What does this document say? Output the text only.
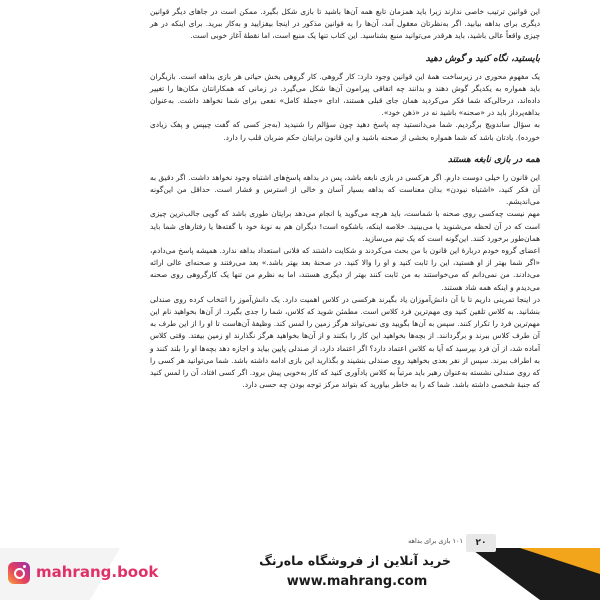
این قوانین ترتیب خاصی ندارند زیرا باید همزمان تابع همه آن‌ها باشید تا بازی شکل بگیرد. ممکن است در جاهای دیگر قوانین دیگری برای بداهه بیابید. اگر به‌نظرتان معقول آمد، آن‌ها را به قوانین مذکور در اینجا بیفزایید و به‌کار ببرید. برای اینکه در هر چیزی واقعاً عالی باشید، باید هرقدر می‌توانید منبع بشناسید. این کتاب تنها یک منبع است، اما نقطهٔ آغاز خوبی است.

بایستید، نگاه کنید و گوش دهید

یک مفهوم محوری در زیرساخت همهٔ این قوانین وجود دارد: کار گروهی. کار گروهی بخش حیاتی هر بازی بداهه است. بازیگران باید همواره به یکدیگر گوش دهند و بدانند چه اتفاقی پیرامون آن‌ها شکل می‌گیرد. در زمانی که همکارانتان مکان‌ها را تغییر داده‌اند، درحالی‌که شما فکر می‌کردید همان جای قبلی هستند، ادای «جملهٔ کامل» نفعی برای شما نخواهد داشت. به‌عنوان بداهه‌پرداز باید در «صحنه» باشید نه در «ذهن خود».

به سؤال ساندویچ برگردیم. شما می‌دانستید چه پاسخ دهید چون سؤالم را شنیدید (به‌جز کسی که گفت چیپس و پفک زیادی خورده). یادتان باشد که شما همواره بخشی از صحنه باشید و این قانون برایتان حکم ضربان قلب را دارد.

همه در بازی نابغه هستند

این قانون را خیلی دوست دارم. اگر هرکسی در بازی نابغه باشد، پس در بداهه پاسخ‌های اشتباه وجود نخواهد داشت. اگر دقیق به آن فکر کنید، «اشتباه نبودن» بدان معناست که بداهه بسیار آسان و خالی از استرس و فشار است. حداقل من این‌گونه می‌اندیشم.

مهم نیست چه‌کسی روی صحنه با شماست، باید هرچه می‌گوید یا انجام می‌دهد برایتان طوری باشد که گویی جالب‌ترین چیزی است که در آن لحظه می‌شنوید یا می‌بینید. خلاصه اینکه، باشکوه است! دیگران هم به نوبهٔ خود با گفته‌ها یا رفتارهای شما باید همان‌طور برخورد کنند. این‌گونه است که یک تیم می‌سازید.

اعضای گروه خودم دربارهٔ این قانون با من بحث می‌کردند و شکایت داشتند که فلانی استعداد بداهه ندارد. همیشه پاسخ می‌دادم، «اگر شما بهتر از او هستید، این را ثابت کنید و او را والا کنید. در صحنهٔ بعد بهتر باشد.» بعد می‌رفتند و صحنه‌ای عالی ارائه می‌دادند. من نمی‌دانم که می‌خواستند به من ثابت کنند بهتر از دیگری هستند، اما به نظرم من تنها یک کارگروهی روی صحنه می‌دیدم و اینکه همه شاد هستند.

در اینجا تمرینی داریم تا با آن دانش‌آموزان یاد بگیرند هرکسی در کلاس اهمیت دارد. یک دانش‌آموز را انتخاب کرده روی صندلی بنشانید. به کلاس تلقین کنید وی مهم‌ترین فرد کلاس است. مطمئن شوید که کلاس، شما را جدی بگیرد. از آن‌ها بخواهید نام این مهم‌ترین فرد را تکرار کنند. سپس به آن‌ها بگویید وی نمی‌تواند هرگز زمین را لمس کند. وظیفهٔ آن‌هاست تا او را از این طرف به آن طرف کلاس ببرند و برگردانند. از بچه‌ها بخواهید این کار را بکنند و از آن‌ها بخواهید هرگز نگذارند او زمین بیفتد. وقتی کلاس آماده شد، از آن فرد بپرسید که آیا به کلاس اعتماد دارد؟ اگر اعتماد دارد، از صندلی پایین بیاید و اجازه دهد بچه‌ها او را بلند کنند و به اطراف ببرند. سپس از نفر بعدی بخواهید روی صندلی بنشیند و بگذارید این بازی ادامه داشته باشد. شما می‌توانید هر کسی را که روی صندلی نشسته به‌عنوان رهبر باید مرتباً به کلاس یادآوری کنید که کار به‌خوبی پیش برود. اگر کسی افتاد، آن را لمس کنید که جنبهٔ شخصی داشته باشد. شما که را به خاطر بیاورید که بتواند مرکز توجه بودن چه حسی دارد.

۲۰
۱۰۱ بازی برای بداهه
mahrang.book
خرید آنلاین از فروشگاه ماه‌رنگ
www.mahrang.com
